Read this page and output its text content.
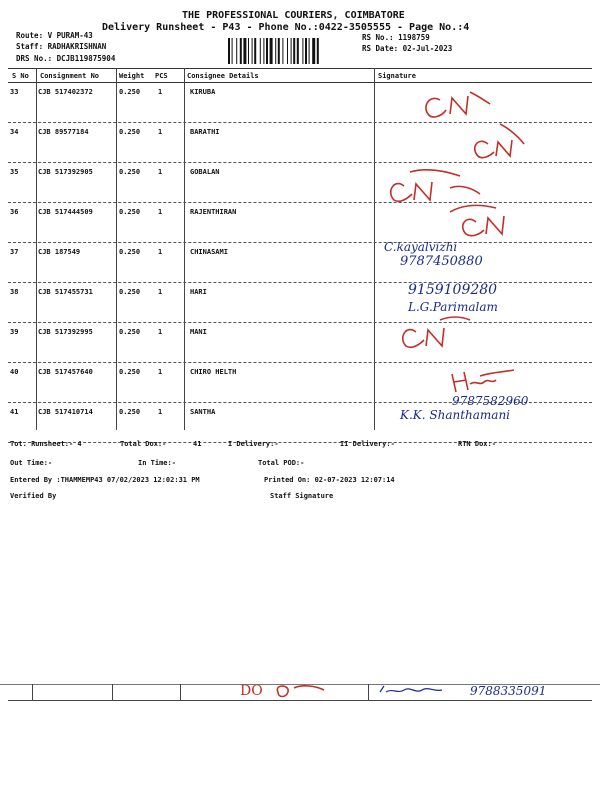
THE PROFESSIONAL COURIERS, COIMBATORE
Delivery Runsheet - P43 - Phone No.:0422-3505555 - Page No.:4
Route: V PURAM-43
Staff: RADHAKRISHNAN
DRS No.: DCJB119875904
RS No.: 1198759
RS Date: 02-Jul-2023
S No Consignment No	Weight PCS	Consignee Details	Signature
33	CJB 517402372	0.250	1	KIRUBA
34	CJB 89577184	0.250	1	BARATHI
35	CJB 517392905	0.250	1	GOBALAN
36	CJB 517444509	0.250	1	RAJENTHIRAN
37	CJB 187549	0.250	1	CHINASAMI
38	CJB 517455731	0.250	1	HARI
39	CJB 517392995	0.250	1	MANI
40	CJB 517457640	0.250	1	CHIRO HELTH
41	CJB 517410714	0.250	1	SANTHA
C.kayalvizhi
9787450880
9159109280
L.G.Parimalam
9787582960
K.K. Shanthamani
Tot. Runsheet:- 4	Total Dox:-	41	I Delivery:-	II Delivery:-	RTN Dox:-
Out Time:-	In Time:-	Total POD:-
Entered By :THAMMEMP43 07/02/2023 12:02:31 PM	Printed On: 02-07-2023 12:07:14
Verified By	Staff Signature
DO	9788335091
